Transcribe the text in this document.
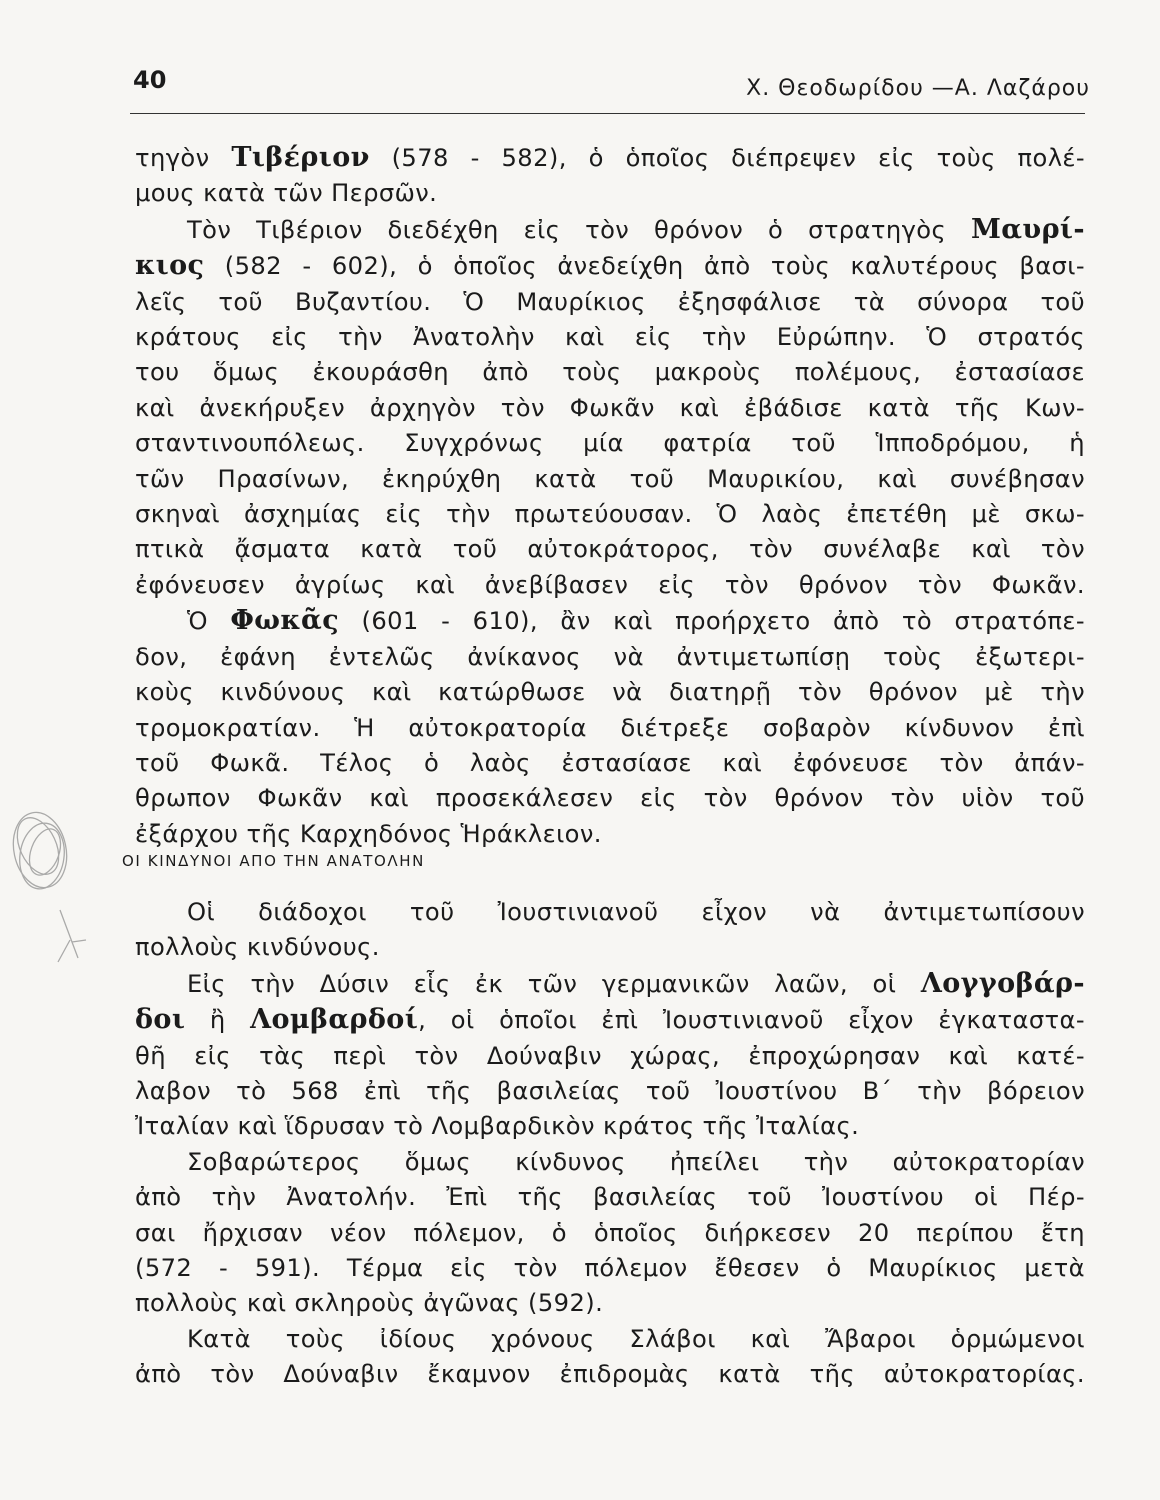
40	Χ. Θεοδωρίδου —Α. Λαζάρου
τηγὸν Τιβέριον (578 - 582), ὁ ὁποῖος διέπρεψεν εἰς τοὺς πολέ-
μους κατὰ τῶν Περσῶν.
Τὸν Τιβέριον διεδέχθη εἰς τὸν θρόνον ὁ στρατηγὸς Μαυρί-
κιος (582 - 602), ὁ ὁποῖος ἀνεδείχθη ἀπὸ τοὺς καλυτέρους βασι-
λεῖς τοῦ Βυζαντίου. Ὁ Μαυρίκιος ἐξησφάλισε τὰ σύνορα τοῦ
κράτους εἰς τὴν Ἀνατολὴν καὶ εἰς τὴν Εὐρώπην. Ὁ στρατός
του ὅμως ἐκουράσθη ἀπὸ τοὺς μακροὺς πολέμους, ἐστασίασε
καὶ ἀνεκήρυξεν ἀρχηγὸν τὸν Φωκᾶν καὶ ἐβάδισε κατὰ τῆς Κων-
σταντινουπόλεως. Συγχρόνως μία φατρία τοῦ Ἱπποδρόμου, ἡ
τῶν Πρασίνων, ἐκηρύχθη κατὰ τοῦ Μαυρικίου, καὶ συνέβησαν
σκηναὶ ἀσχημίας εἰς τὴν πρωτεύουσαν. Ὁ λαὸς ἐπετέθη μὲ σκω-
πτικὰ ᾄσματα κατὰ τοῦ αὐτοκράτορος, τὸν συνέλαβε καὶ τὸν
ἐφόνευσεν ἀγρίως καὶ ἀνεβίβασεν εἰς τὸν θρόνον τὸν Φωκᾶν.
Ὁ Φωκᾶς (601 - 610), ἂν καὶ προήρχετο ἀπὸ τὸ στρατόπε-
δον, ἐφάνη ἐντελῶς ἀνίκανος νὰ ἀντιμετωπίσῃ τοὺς ἐξωτερι-
κοὺς κινδύνους καὶ κατώρθωσε νὰ διατηρῇ τὸν θρόνον μὲ τὴν
τρομοκρατίαν. Ἡ αὐτοκρατορία διέτρεξε σοβαρὸν κίνδυνον ἐπὶ
τοῦ Φωκᾶ. Τέλος ὁ λαὸς ἐστασίασε καὶ ἐφόνευσε τὸν ἀπάν-
θρωπον Φωκᾶν καὶ προσεκάλεσεν εἰς τὸν θρόνον τὸν υἱὸν τοῦ
ἐξάρχου τῆς Καρχηδόνος Ἡράκλειον.
ΟΙ ΚΙΝΔΥΝΟΙ ΑΠΟ ΤΗΝ ΑΝΑΤΟΛΗΝ
Οἱ διάδοχοι τοῦ Ἰουστινιανοῦ εἶχον νὰ ἀντιμετωπίσουν
πολλοὺς κινδύνους.
Εἰς τὴν Δύσιν εἷς ἐκ τῶν γερμανικῶν λαῶν, οἱ Λογγοβάρ-
δοι ἢ Λομβαρδοί, οἱ ὁποῖοι ἐπὶ Ἰουστινιανοῦ εἶχον ἐγκαταστα-
θῆ εἰς τὰς περὶ τὸν Δούναβιν χώρας, ἐπροχώρησαν καὶ κατέ-
λαβον τὸ 568 ἐπὶ τῆς βασιλείας τοῦ Ἰουστίνου Β΄ τὴν βόρειον
Ἰταλίαν καὶ ἵδρυσαν τὸ Λομβαρδικὸν κράτος τῆς Ἰταλίας.
Σοβαρώτερος ὅμως κίνδυνος ἠπείλει τὴν αὐτοκρατορίαν
ἀπὸ τὴν Ἀνατολήν. Ἐπὶ τῆς βασιλείας τοῦ Ἰουστίνου οἱ Πέρ-
σαι ἤρχισαν νέον πόλεμον, ὁ ὁποῖος διήρκεσεν 20 περίπου ἔτη
(572 - 591). Τέρμα εἰς τὸν πόλεμον ἔθεσεν ὁ Μαυρίκιος μετὰ
πολλοὺς καὶ σκληροὺς ἀγῶνας (592).
Κατὰ τοὺς ἰδίους χρόνους Σλάβοι καὶ Ἄβαροι ὁρμώμενοι
ἀπὸ τὸν Δούναβιν ἔκαμνον ἐπιδρομὰς κατὰ τῆς αὐτοκρατορίας.
